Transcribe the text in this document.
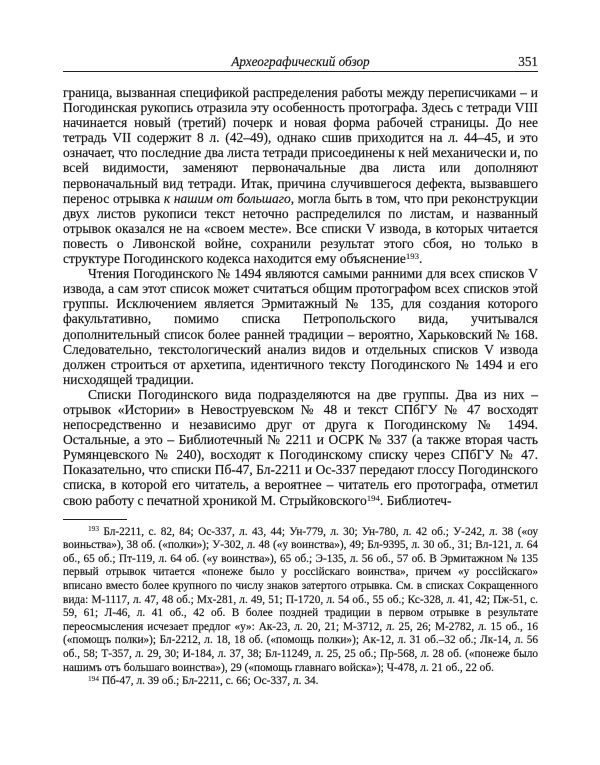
Археографический обзор	351

граница, вызванная спецификой распределения работы между переписчиками – и Погодинская рукопись отразила эту особенность протографа. Здесь с тетради VIII начинается новый (третий) почерк и новая форма рабочей страницы. До нее тетрадь VII содержит 8 л. (42–49), однако сшив приходится на л. 44–45, и это означает, что последние два листа тетради присоединены к ней механически и, по всей видимости, заменяют первоначальные два листа или дополняют первоначальный вид тетради. Итак, причина случившегося дефекта, вызвавшего перенос отрывка к нашим от большаго, могла быть в том, что при реконструкции двух листов рукописи текст неточно распределился по листам, и названный отрывок оказался не на «своем месте». Все списки V извода, в которых читается повесть о Ливонской войне, сохранили результат этого сбоя, но только в структуре Погодинского кодекса находится ему объяснение$^{193}$.

Чтения Погодинского № 1494 являются самыми ранними для всех списков V извода, а сам этот список может считаться общим протографом всех списков этой группы. Исключением является Эрмитажный № 135, для создания которого факультативно, помимо списка Петропольского вида, учитывался дополнительный список более ранней традиции – вероятно, Харьковский № 168. Следовательно, текстологический анализ видов и отдельных списков V извода должен строиться от архетипа, идентичного тексту Погодинского № 1494 и его нисходящей традиции.

Списки Погодинского вида подразделяются на две группы. Два из них – отрывок «Истории» в Невоструевском № 48 и текст СПбГУ № 47 восходят непосредственно и независимо друг от друга к Погодинскому № 1494. Остальные, а это – Библиотечный № 2211 и ОСРК № 337 (а также вторая часть Румянцевского № 240), восходят к Погодинскому списку через СПбГУ № 47. Показательно, что списки Пб-47, Бл-2211 и Ос-337 передают глоссу Погодинского списка, в которой его читатель, а вероятнее – читатель его протографа, отметил свою работу с печатной хроникой М. Стрыйковского$^{194}$. Библиотеч-

$^{193}$ Бл-2211, с. 82, 84; Ос-337, л. 43, 44; Ун-779, л. 30; Ун-780, л. 42 об.; У-242, л. 38 («оу воиньства»), 38 об. («полки»); У-302, л. 48 («у воинства»), 49; Бл-9395, л. 30 об., 31; Вл-121, л. 64 об., 65 об.; Пт-119, л. 64 об. («у воинства»), 65 об.; Э-135, л. 56 об., 57 об. В Эрмитажном № 135 первый отрывок читается «понеже было у россійскаго воинства», причем «у россійскаго» вписано вместо более крупного по числу знаков затертого отрывка. См. в списках Сокращенного вида: М-1117, л. 47, 48 об.; Мх-281, л. 49, 51; П-1720, л. 54 об., 55 об.; Кс-328, л. 41, 42; Пж-51, с. 59, 61; Л-46, л. 41 об., 42 об. В более поздней традиции в первом отрывке в результате переосмысления исчезает предлог «у»: Ак-23, л. 20, 21; М-3712, л. 25, 26; М-2782, л. 15 об., 16 («помощъ полки»); Бл-2212, л. 18, 18 об. («помощь полки»); Ак-12, л. 31 об.–32 об.; Лк-14, л. 56 об., 58; Т-357, л. 29, 30; И-184, л. 37, 38; Бл-11249, л. 25, 25 об.; Пр-568, л. 28 об. («понеже было нашимъ отъ большаго воинства»), 29 («помощь главнаго войска»); Ч-478, л. 21 об., 22 об.

$^{194}$ Пб-47, л. 39 об.; Бл-2211, с. 66; Ос-337, л. 34.
